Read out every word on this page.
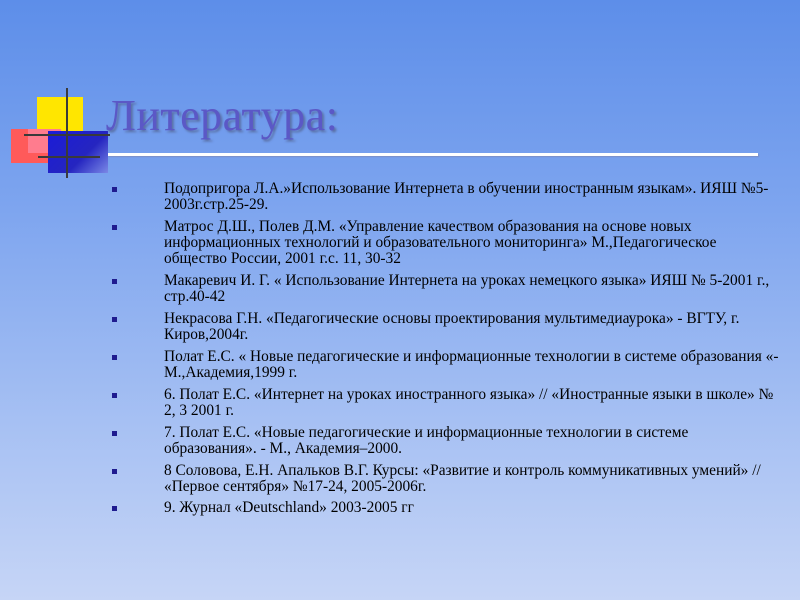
Литература:
Подопригора Л.А.»Использование Интернета в обучении иностранным языкам». ИЯШ №5-2003г.стр.25-29.
Матрос Д.Ш., Полев Д.М. «Управление качеством образования на основе новых информационных технологий и образовательного мониторинга» М.,Педагогическое общество России, 2001 г.с. 11, 30-32
Макаревич И. Г. « Использование Интернета на уроках немецкого языка» ИЯШ № 5-2001 г., стр.40-42
Некрасова Г.Н. «Педагогические основы проектирования мультимедиаурока» - ВГТУ, г. Киров,2004г.
Полат Е.С. « Новые педагогические и информационные технологии в системе образования «-М.,Академия,1999 г.
6. Полат Е.С. «Интернет на уроках иностранного языка» // «Иностранные языки в школе» № 2, 3 2001 г.
7. Полат Е.С. «Новые педагогические и информационные технологии в системе образования». - М., Академия–2000.
8 Соловова, Е.Н. Апальков В.Г. Курсы: «Развитие и контроль коммуникативных умений» // «Первое сентября» №17-24, 2005-2006г.
9. Журнал «Deutschland» 2003-2005 гг
